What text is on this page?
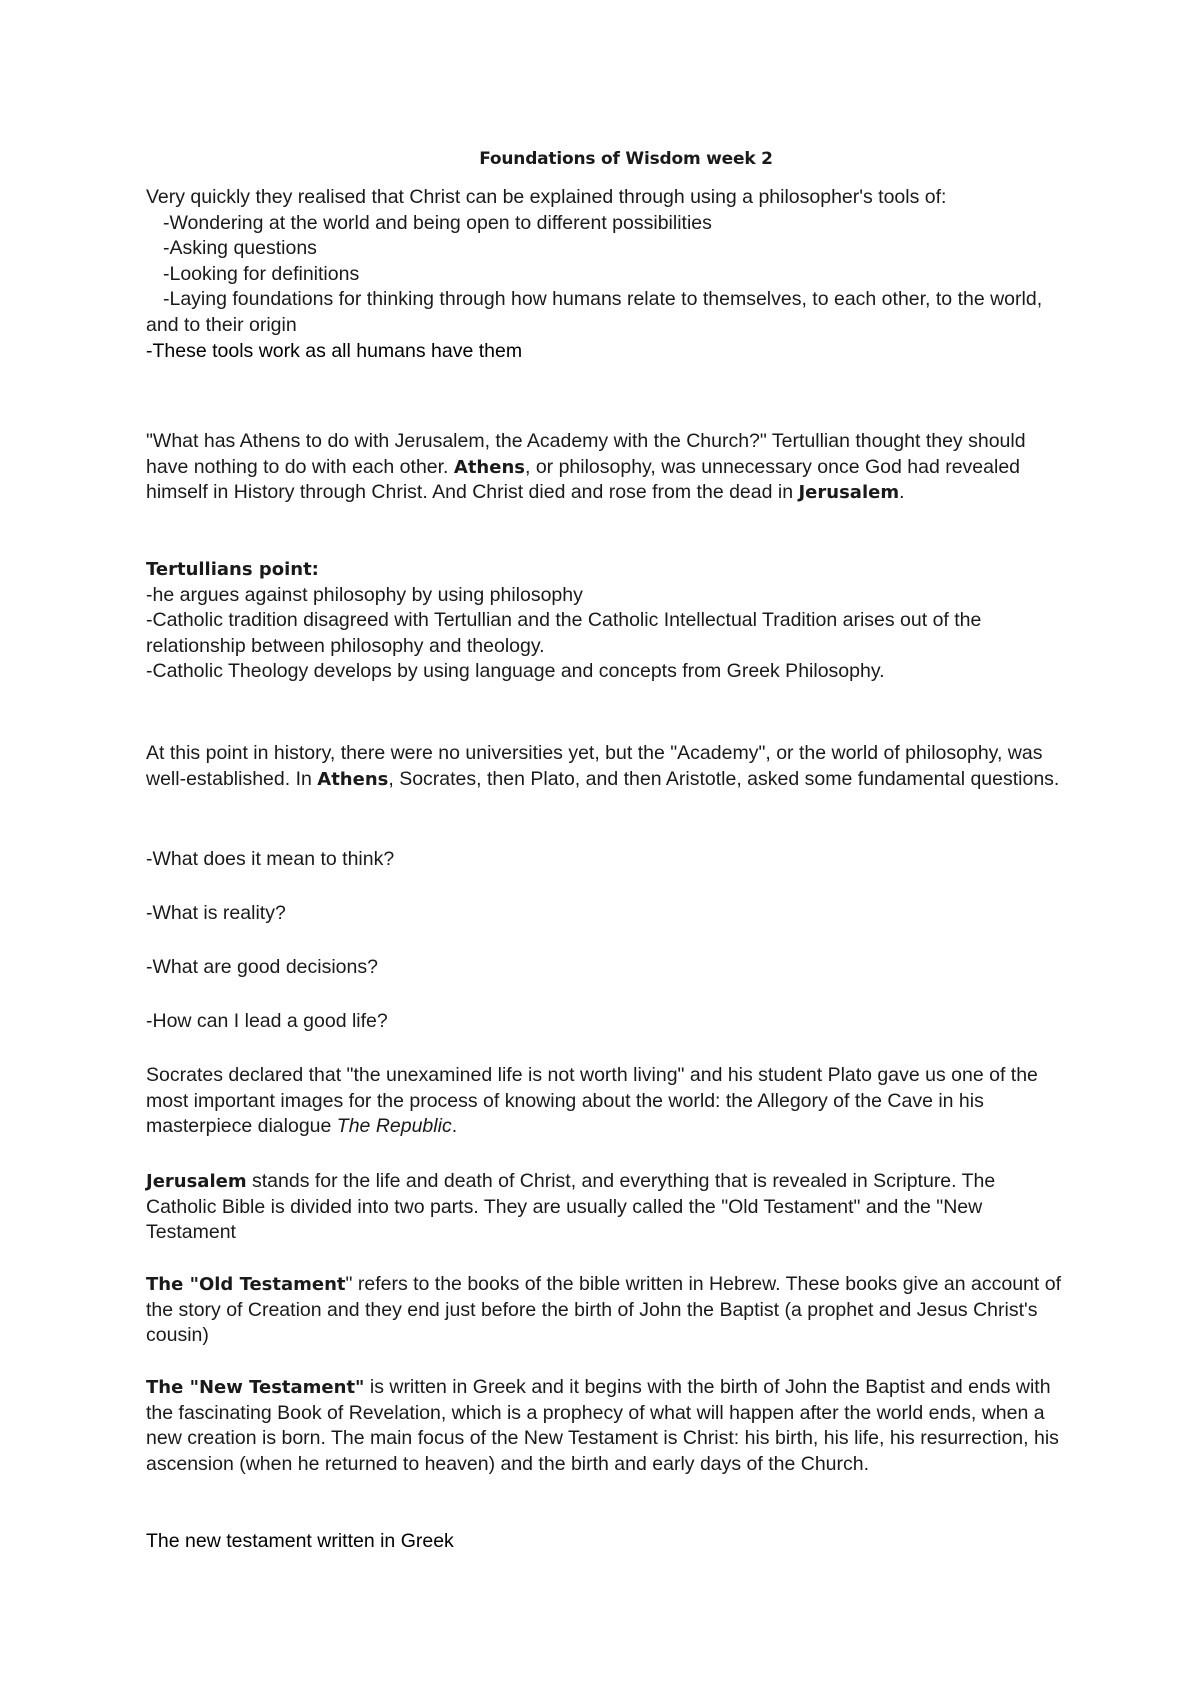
Foundations of Wisdom week 2

Very quickly they realised that Christ can be explained through using a philosopher's tools of:

-Wondering at the world and being open to different possibilities

-Asking questions

-Looking for definitions

-Laying foundations for thinking through how humans relate to themselves, to each other, to the world, and to their origin

-These tools work as all humans have them

"What has Athens to do with Jerusalem, the Academy with the Church?" Tertullian thought they should have nothing to do with each other. Athens, or philosophy, was unnecessary once God had revealed himself in History through Christ. And Christ died and rose from the dead in Jerusalem.

Tertullians point:

-he argues against philosophy by using philosophy

-Catholic tradition disagreed with Tertullian and the Catholic Intellectual Tradition arises out of the relationship between philosophy and theology.

-Catholic Theology develops by using language and concepts from Greek Philosophy.

At this point in history, there were no universities yet, but the "Academy", or the world of philosophy, was well-established. In Athens, Socrates, then Plato, and then Aristotle, asked some fundamental questions.

-What does it mean to think?
-What is reality?
-What are good decisions?
-How can I lead a good life?

Socrates declared that "the unexamined life is not worth living" and his student Plato gave us one of the most important images for the process of knowing about the world: the Allegory of the Cave in his masterpiece dialogue The Republic.

Jerusalem stands for the life and death of Christ, and everything that is revealed in Scripture. The Catholic Bible is divided into two parts. They are usually called the "Old Testament" and the "New Testament

The "Old Testament" refers to the books of the bible written in Hebrew. These books give an account of the story of Creation and they end just before the birth of John the Baptist (a prophet and Jesus Christ's cousin)

The "New Testament" is written in Greek and it begins with the birth of John the Baptist and ends with the fascinating Book of Revelation, which is a prophecy of what will happen after the world ends, when a new creation is born. The main focus of the New Testament is Christ: his birth, his life, his resurrection, his ascension (when he returned to heaven) and the birth and early days of the Church.

The new testament written in Greek
